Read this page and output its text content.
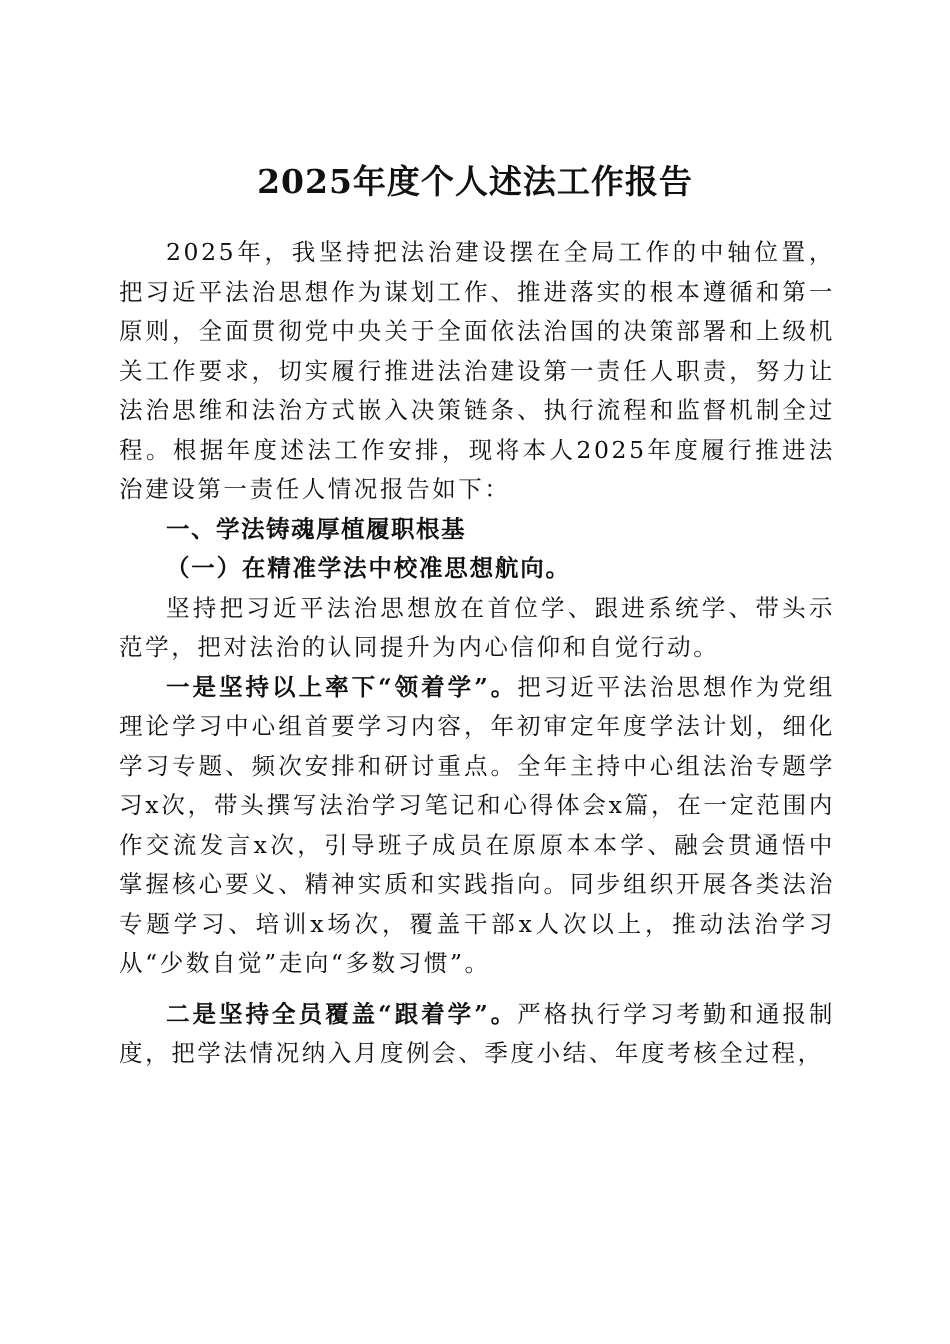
2025年度个人述法工作报告

2025年，我坚持把法治建设摆在全局工作的中轴位置，把习近平法治思想作为谋划工作、推进落实的根本遵循和第一原则，全面贯彻党中央关于全面依法治国的决策部署和上级机关工作要求，切实履行推进法治建设第一责任人职责，努力让法治思维和法治方式嵌入决策链条、执行流程和监督机制全过程。根据年度述法工作安排，现将本人2025年度履行推进法治建设第一责任人情况报告如下：

一、学法铸魂厚植履职根基

（一）在精准学法中校准思想航向。

坚持把习近平法治思想放在首位学、跟进系统学、带头示范学，把对法治的认同提升为内心信仰和自觉行动。

一是坚持以上率下“领着学”。把习近平法治思想作为党组理论学习中心组首要学习内容，年初审定年度学法计划，细化学习专题、频次安排和研讨重点。全年主持中心组法治专题学习x次，带头撰写法治学习笔记和心得体会x篇，在一定范围内作交流发言x次，引导班子成员在原原本本学、融会贯通悟中掌握核心要义、精神实质和实践指向。同步组织开展各类法治专题学习、培训x场次，覆盖干部x人次以上，推动法治学习从“少数自觉”走向“多数习惯”。

二是坚持全员覆盖“跟着学”。严格执行学习考勤和通报制度，把学法情况纳入月度例会、季度小结、年度考核全过程，
